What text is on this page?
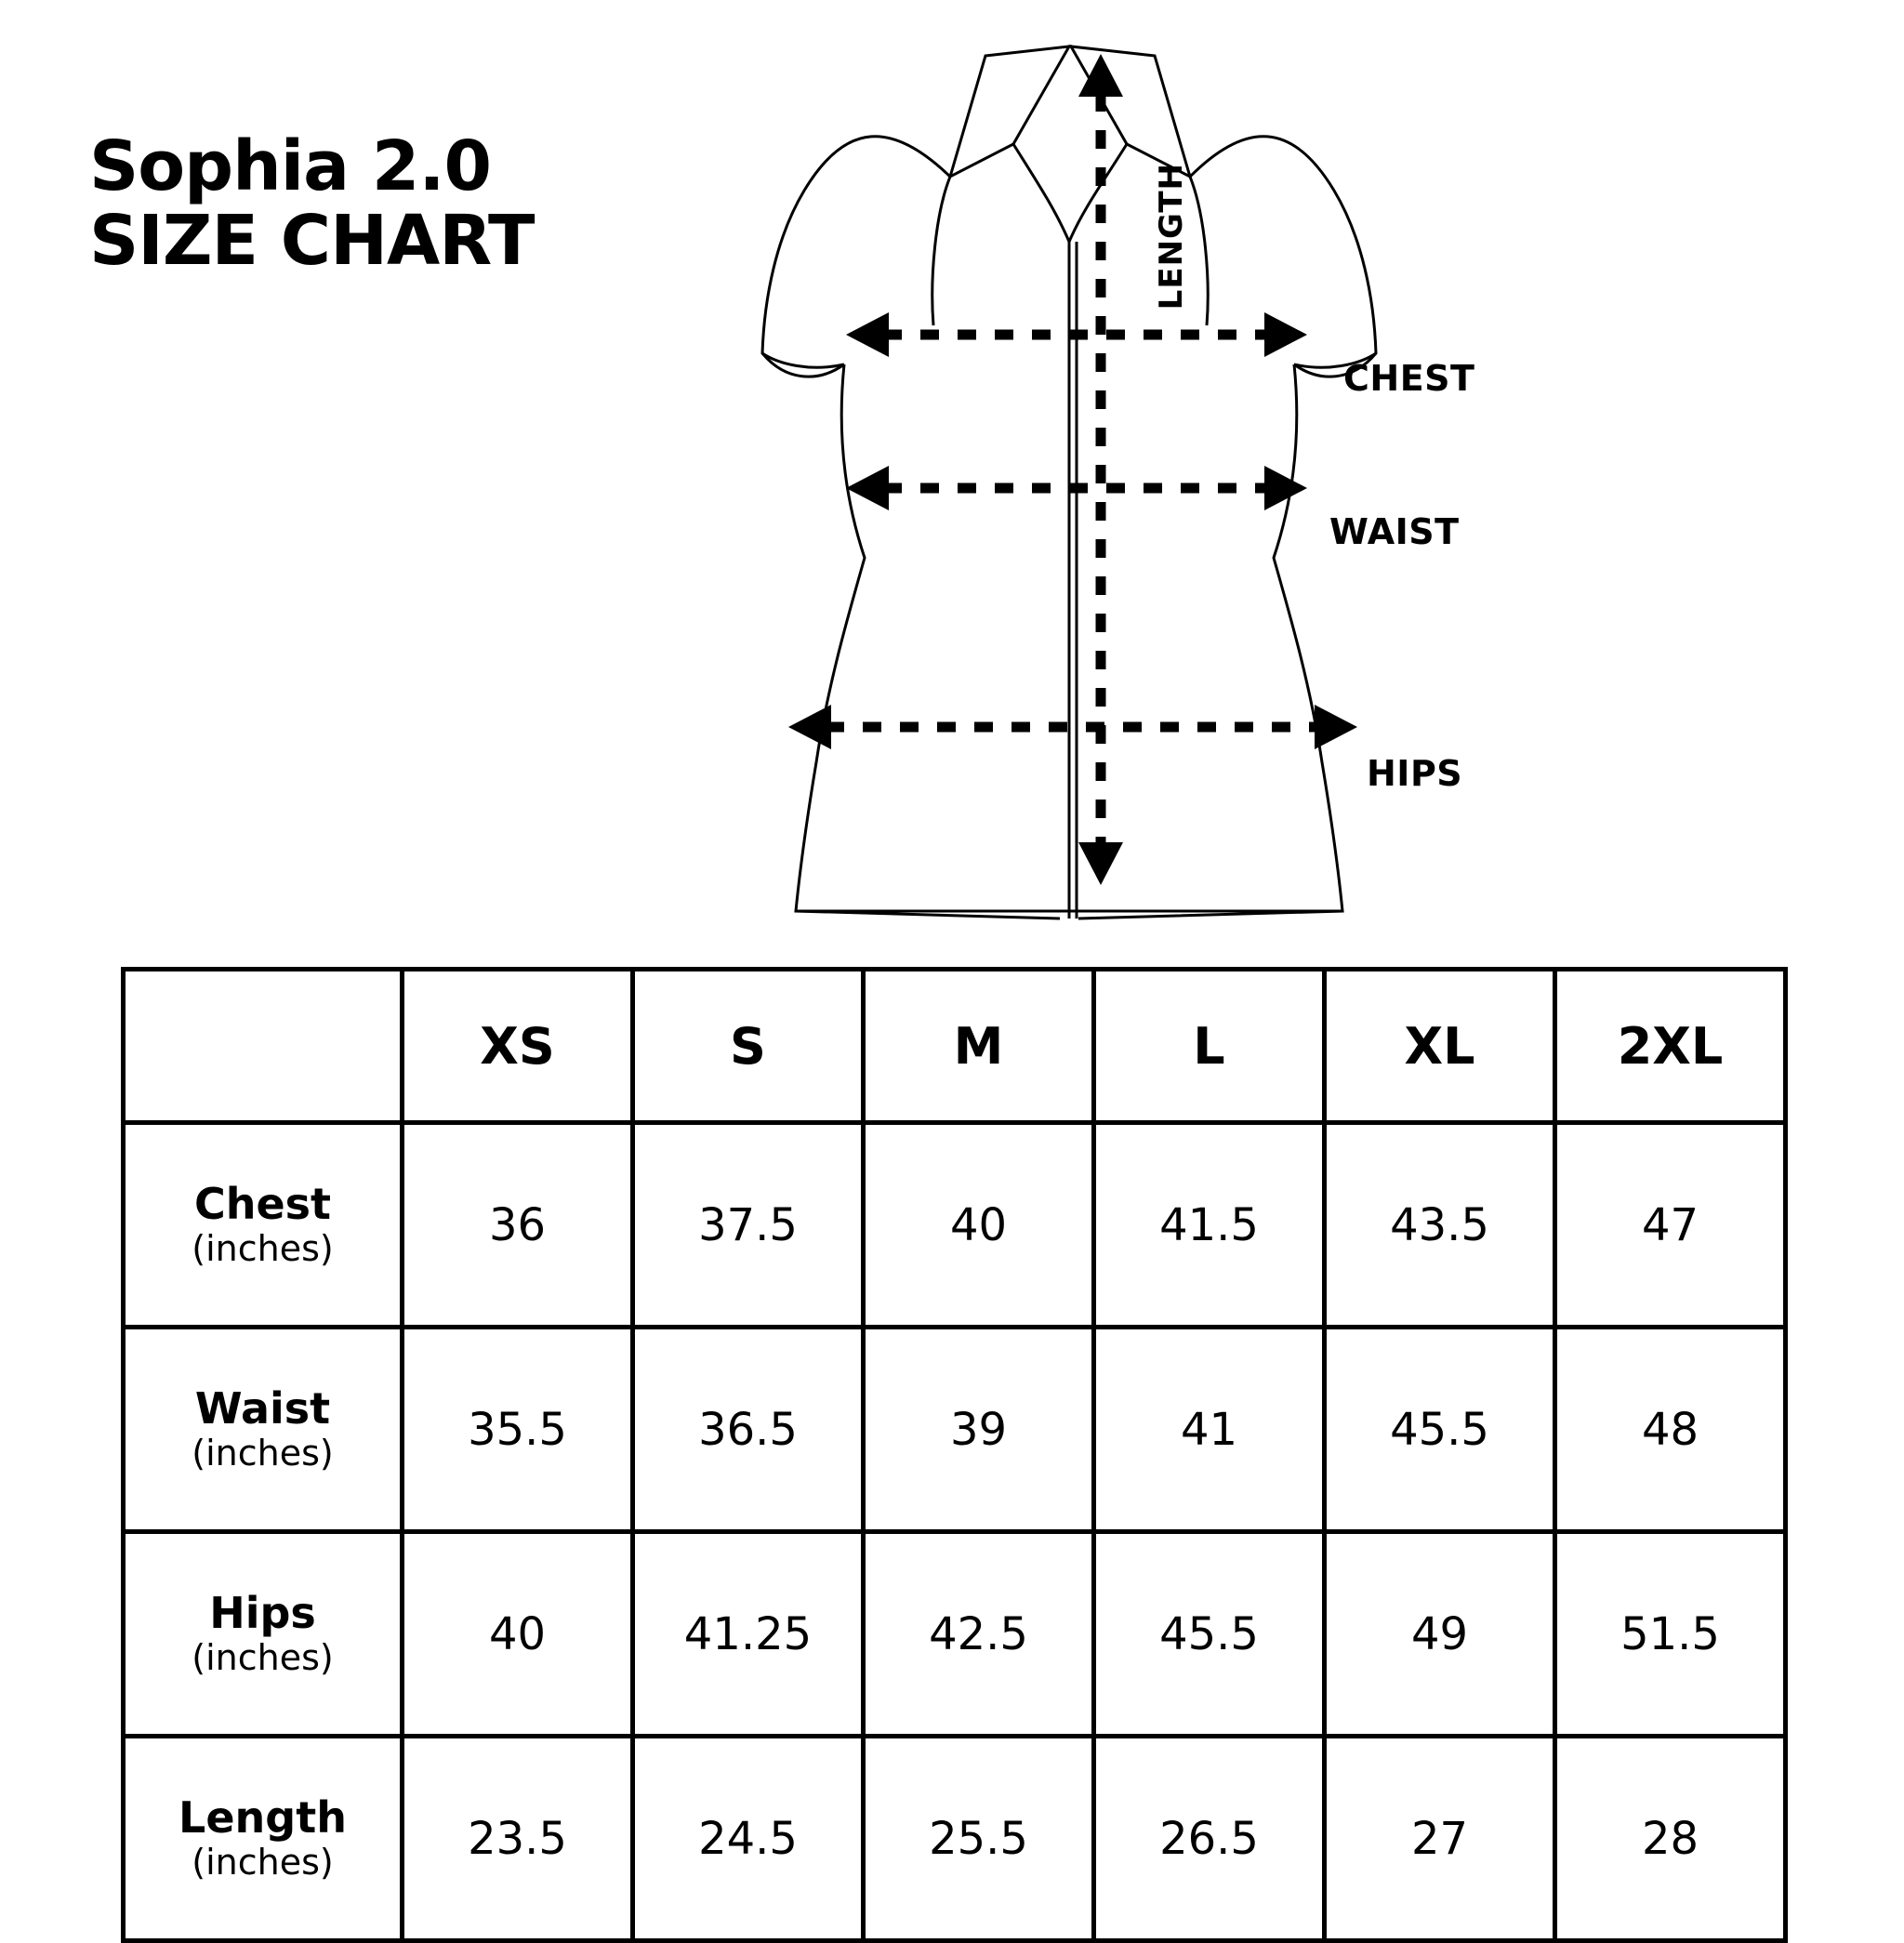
Sophia 2.0
SIZE CHART
CHEST
WAIST
HIPS
LENGTH
	XS	S	M	L	XL	2XL

Chest
(inches)	36	37.5	40	41.5	43.5	47

Waist
(inches)	35.5	36.5	39	41	45.5	48

Hips
(inches)	40	41.25	42.5	45.5	49	51.5

Length
(inches)	23.5	24.5	25.5	26.5	27	28
